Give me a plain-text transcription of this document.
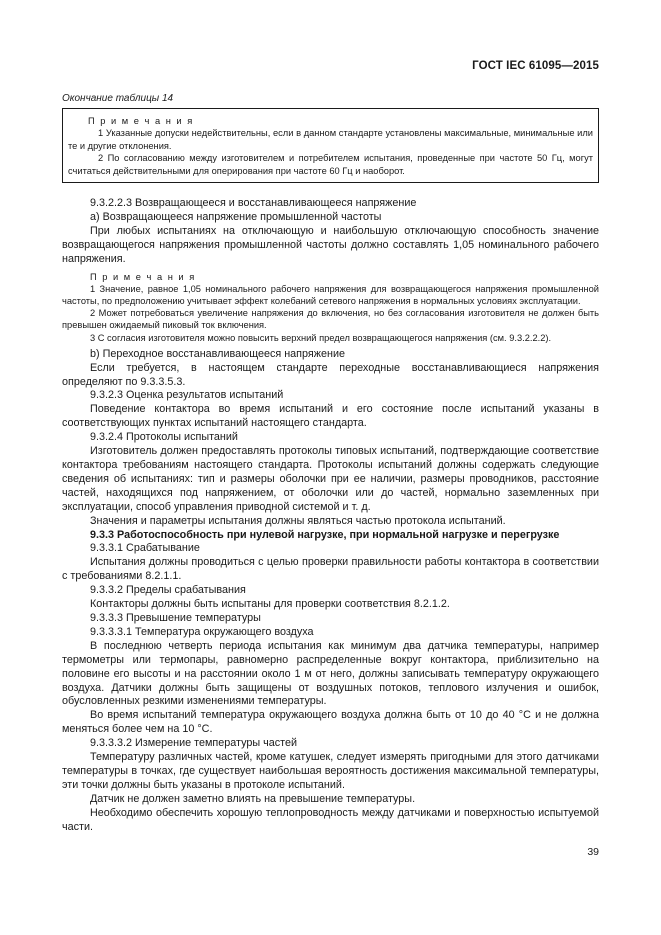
ГОСТ IEC 61095—2015
Окончание таблицы 14
П р и м е ч а н и я
1 Указанные допуски недействительны, если в данном стандарте установлены максимальные, минимальные или те и другие отклонения.
2 По согласованию между изготовителем и потребителем испытания, проведенные при частоте 50 Гц, могут считаться действительными для оперирования при частоте 60 Гц и наоборот.

9.3.2.2.3 Возвращающееся и восстанавливающееся напряжение

а) Возвращающееся напряжение промышленной частоты

При любых испытаниях на отключающую и наибольшую отключающую способность значение возвращающегося напряжения промышленной частоты должно составлять 1,05 номинального рабочего напряжения.

П р и м е ч а н и я

1 Значение, равное 1,05 номинального рабочего напряжения для возвращающегося напряжения промышленной частоты, по предположению учитывает эффект колебаний сетевого напряжения в нормальных условиях эксплуатации.

2 Может потребоваться увеличение напряжения до включения, но без согласования изготовителя не должен быть превышен ожидаемый пиковый ток включения.

3 С согласия изготовителя можно повысить верхний предел возвращающегося напряжения (см. 9.3.2.2.2).

b) Переходное восстанавливающееся напряжение

Если требуется, в настоящем стандарте переходные восстанавливающиеся напряжения определяют по 9.3.3.5.3.

9.3.2.3 Оценка результатов испытаний

Поведение контактора во время испытаний и его состояние после испытаний указаны в соответствующих пунктах испытаний настоящего стандарта.

9.3.2.4 Протоколы испытаний

Изготовитель должен предоставлять протоколы типовых испытаний, подтверждающие соответствие контактора требованиям настоящего стандарта. Протоколы испытаний должны содержать следующие сведения об испытаниях: тип и размеры оболочки при ее наличии, размеры проводников, расстояние частей, находящихся под напряжением, от оболочки или до частей, нормально заземленных при эксплуатации, способ управления приводной системой и т. д.

Значения и параметры испытания должны являться частью протокола испытаний.

9.3.3 Работоспособность при нулевой нагрузке, при нормальной нагрузке и перегрузке

9.3.3.1 Срабатывание

Испытания должны проводиться с целью проверки правильности работы контактора в соответствии с требованиями 8.2.1.1.

9.3.3.2 Пределы срабатывания

Контакторы должны быть испытаны для проверки соответствия 8.2.1.2.

9.3.3.3 Превышение температуры

9.3.3.3.1 Температура окружающего воздуха

В последнюю четверть периода испытания как минимум два датчика температуры, например термометры или термопары, равномерно распределенные вокруг контактора, приблизительно на половине его высоты и на расстоянии около 1 м от него, должны записывать температуру окружающего воздуха. Датчики должны быть защищены от воздушных потоков, теплового излучения и ошибок, обусловленных резкими изменениями температуры.

Во время испытаний температура окружающего воздуха должна быть от 10 до 40 °С и не должна меняться более чем на 10 °С.

9.3.3.3.2 Измерение температуры частей

Температуру различных частей, кроме катушек, следует измерять пригодными для этого датчиками температуры в точках, где существует наибольшая вероятность достижения максимальной температуры, эти точки должны быть указаны в протоколе испытаний.

Датчик не должен заметно влиять на превышение температуры.

Необходимо обеспечить хорошую теплопроводность между датчиками и поверхностью испытуемой части.

39
